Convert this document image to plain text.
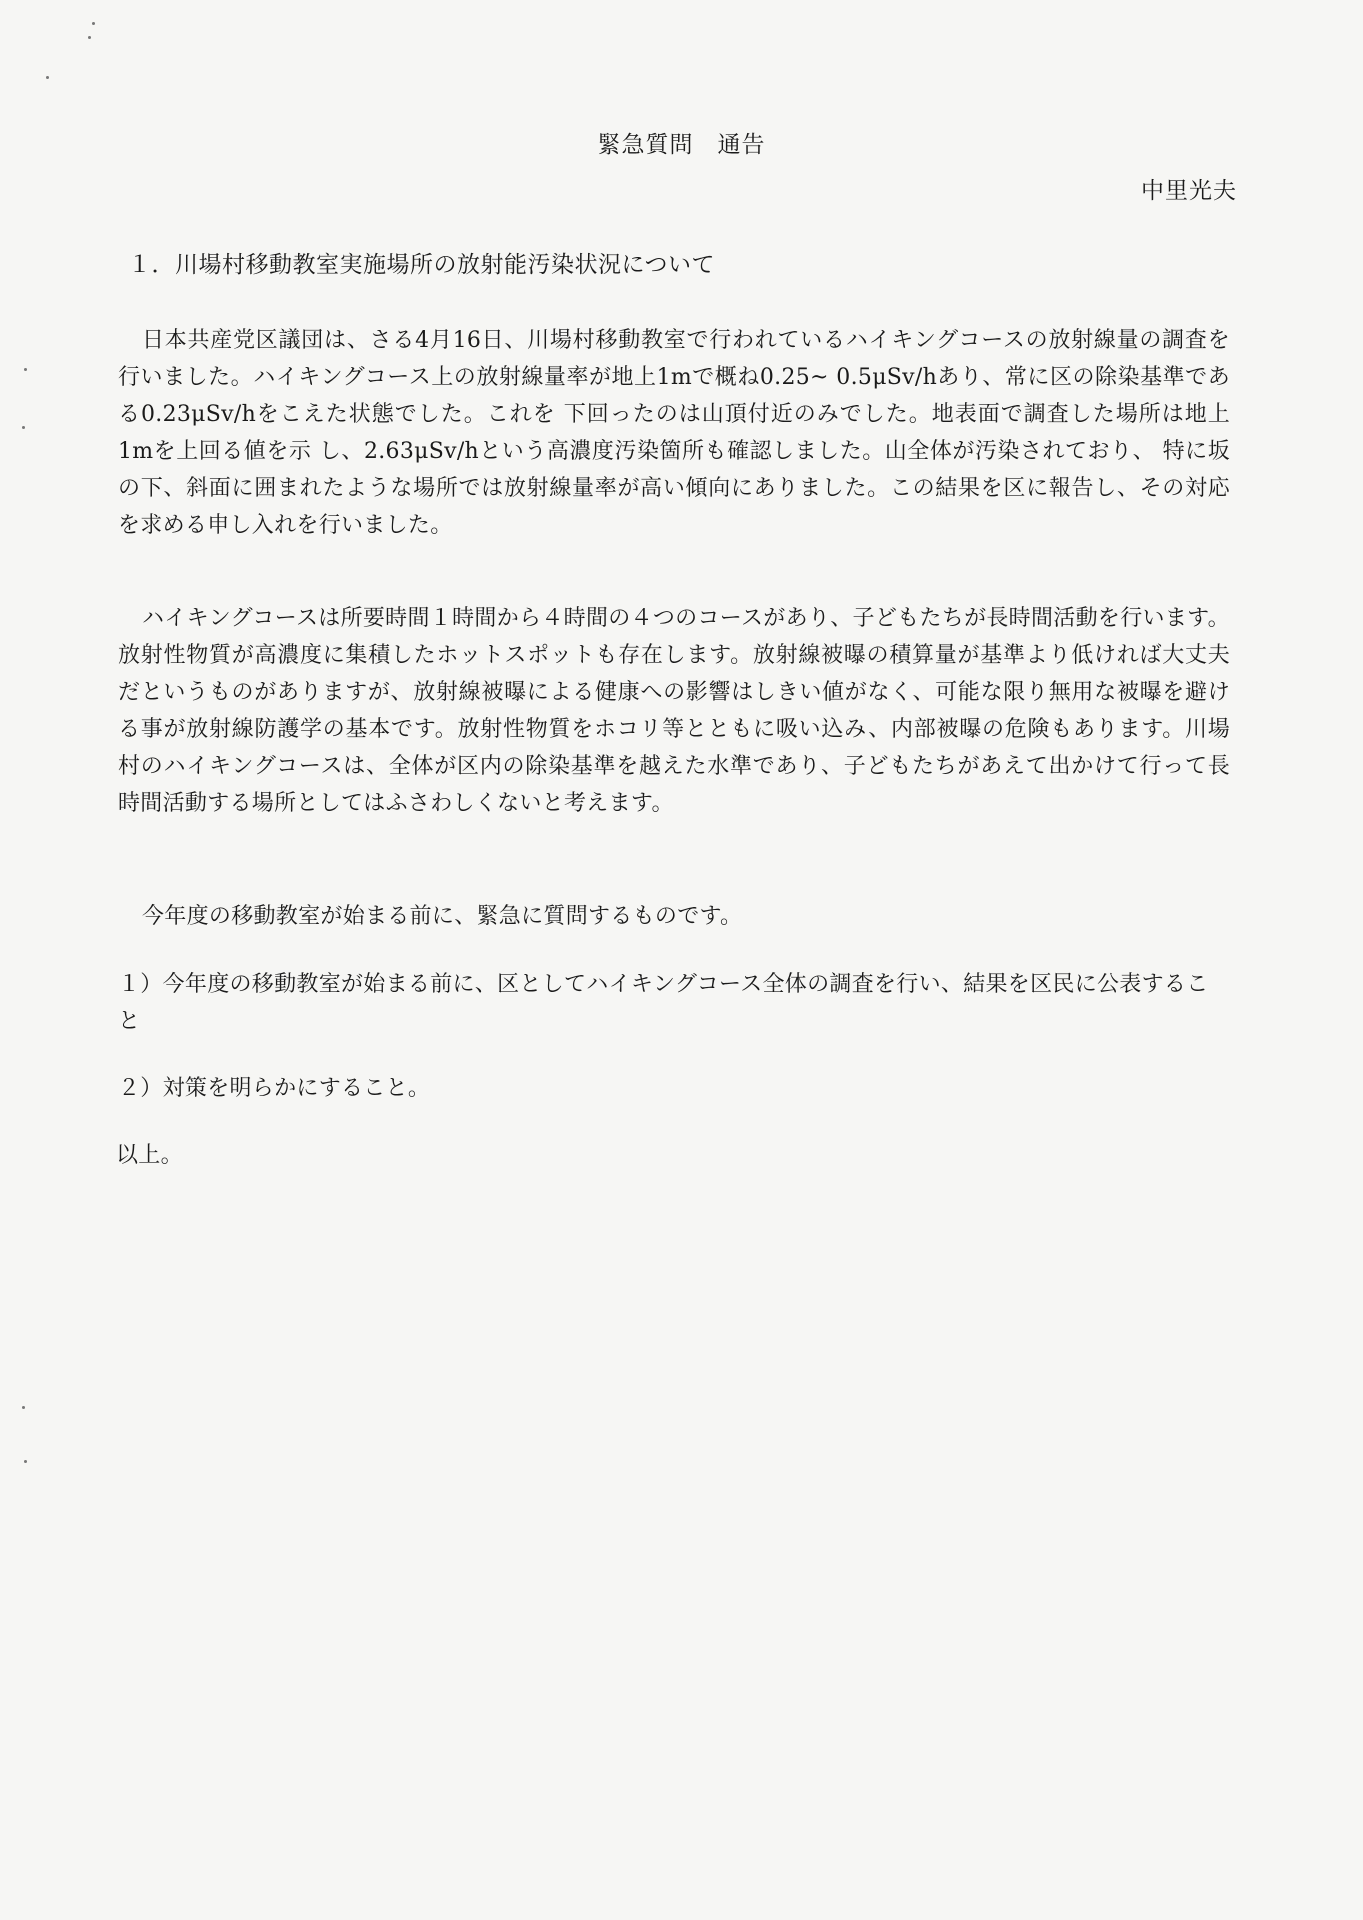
緊急質問　通告
中里光夫
１．川場村移動教室実施場所の放射能汚染状況について

日本共産党区議団は、さる4月16日、川場村移動教室で行われているハイキングコースの放射線量の調査を行いました。ハイキングコース上の放射線量率が地上1mで概ね0.25~ 0.5μSv/hあり、常に区の除染基準である0.23μSv/hをこえた状態でした。これを 下回ったのは山頂付近のみでした。地表面で調査した場所は地上1mを上回る値を示 し、2.63μSv/hという高濃度汚染箇所も確認しました。山全体が汚染されており、 特に坂の下、斜面に囲まれたような場所では放射線量率が高い傾向にありました。この結果を区に報告し、その対応を求める申し入れを行いました。

ハイキングコースは所要時間１時間から４時間の４つのコースがあり、子どもたちが長時間活動を行います。放射性物質が高濃度に集積したホットスポットも存在します。放射線被曝の積算量が基準より低ければ大丈夫だというものがありますが、放射線被曝による健康への影響はしきい値がなく、可能な限り無用な被曝を避ける事が放射線防護学の基本です。放射性物質をホコリ等とともに吸い込み、内部被曝の危険もあります。川場村のハイキングコースは、全体が区内の除染基準を越えた水準であり、子どもたちがあえて出かけて行って長時間活動する場所としてはふさわしくないと考えます。

今年度の移動教室が始まる前に、緊急に質問するものです。

１）今年度の移動教室が始まる前に、区としてハイキングコース全体の調査を行い、結果を区民に公表すること

２）対策を明らかにすること。

以上。
